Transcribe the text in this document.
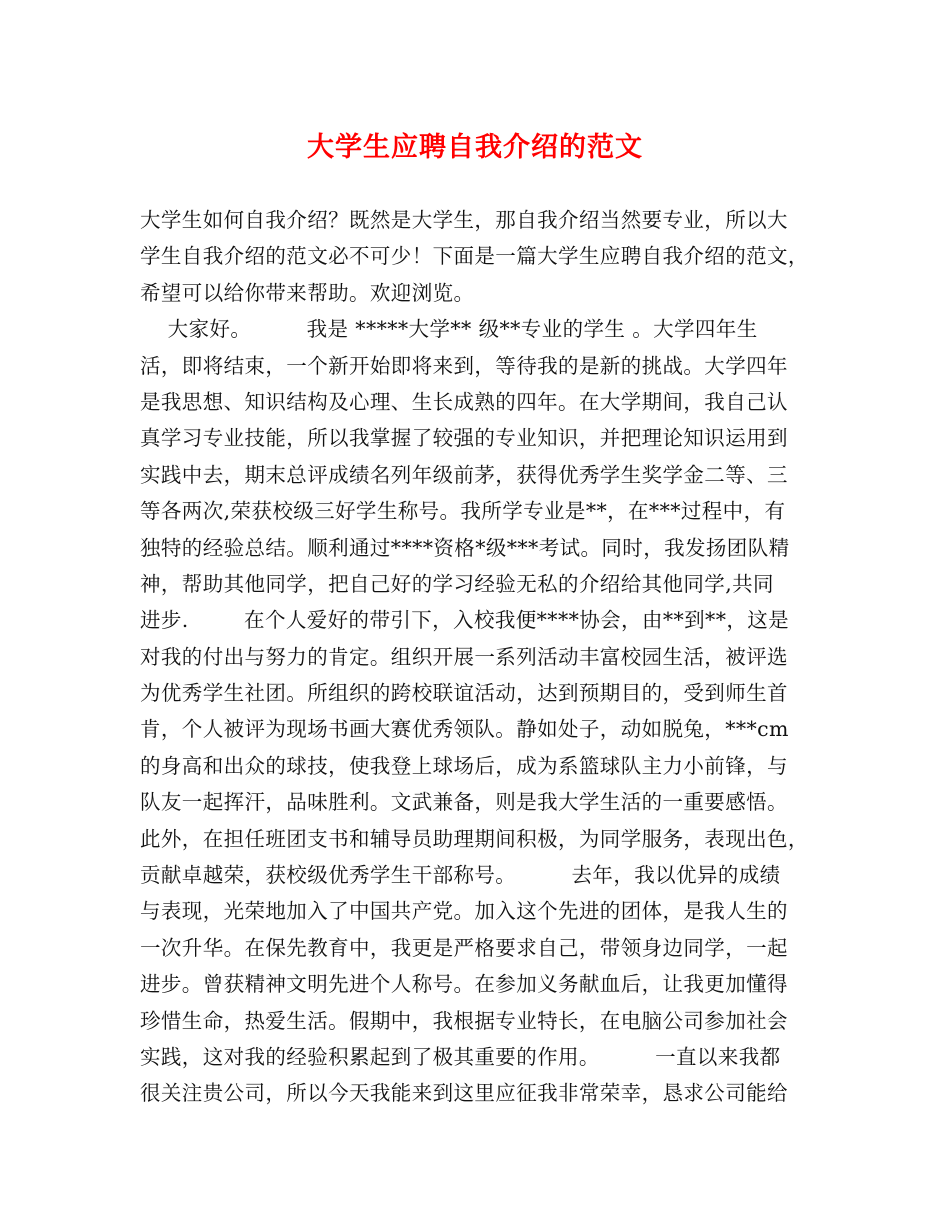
大学生应聘自我介绍的范文
大学生如何自我介绍？既然是大学生，那自我介绍当然要专业，所以大
学生自我介绍的范文必不可少！下面是一篇大学生应聘自我介绍的范文，
希望可以给你带来帮助。欢迎浏览。
大家好。        我是 *****大学** 级**专业的学生 。大学四年生
活，即将结束，一个新开始即将来到，等待我的是新的挑战。大学四年
是我思想、知识结构及心理、生长成熟的四年。在大学期间，我自己认
真学习专业技能，所以我掌握了较强的专业知识，并把理论知识运用到
实践中去，期末总评成绩名列年级前茅，获得优秀学生奖学金二等、三
等各两次,荣获校级三好学生称号。我所学专业是**，在***过程中，有
独特的经验总结。顺利通过****资格*级***考试。同时，我发扬团队精
神，帮助其他同学，把自己好的学习经验无私的介绍给其他同学,共同
进步.        在个人爱好的带引下，入校我便****协会，由**到**，这是
对我的付出与努力的肯定。组织开展一系列活动丰富校园生活，被评选
为优秀学生社团。所组织的跨校联谊活动，达到预期目的，受到师生首
肯，个人被评为现场书画大赛优秀领队。静如处子，动如脱兔，***cm
的身高和出众的球技，使我登上球场后，成为系篮球队主力小前锋，与
队友一起挥汗，品味胜利。文武兼备，则是我大学生活的一重要感悟。
此外，在担任班团支书和辅导员助理期间积极，为同学服务，表现出色，
贡献卓越荣，获校级优秀学生干部称号。        去年，我以优异的成绩
与表现，光荣地加入了中国共产党。加入这个先进的团体，是我人生的
一次升华。在保先教育中，我更是严格要求自己，带领身边同学，一起
进步。曾获精神文明先进个人称号。在参加义务献血后，让我更加懂得
珍惜生命，热爱生活。假期中，我根据专业特长，在电脑公司参加社会
实践，这对我的经验积累起到了极其重要的作用。        一直以来我都
很关注贵公司，所以今天我能来到这里应征我非常荣幸，恳求公司能给
